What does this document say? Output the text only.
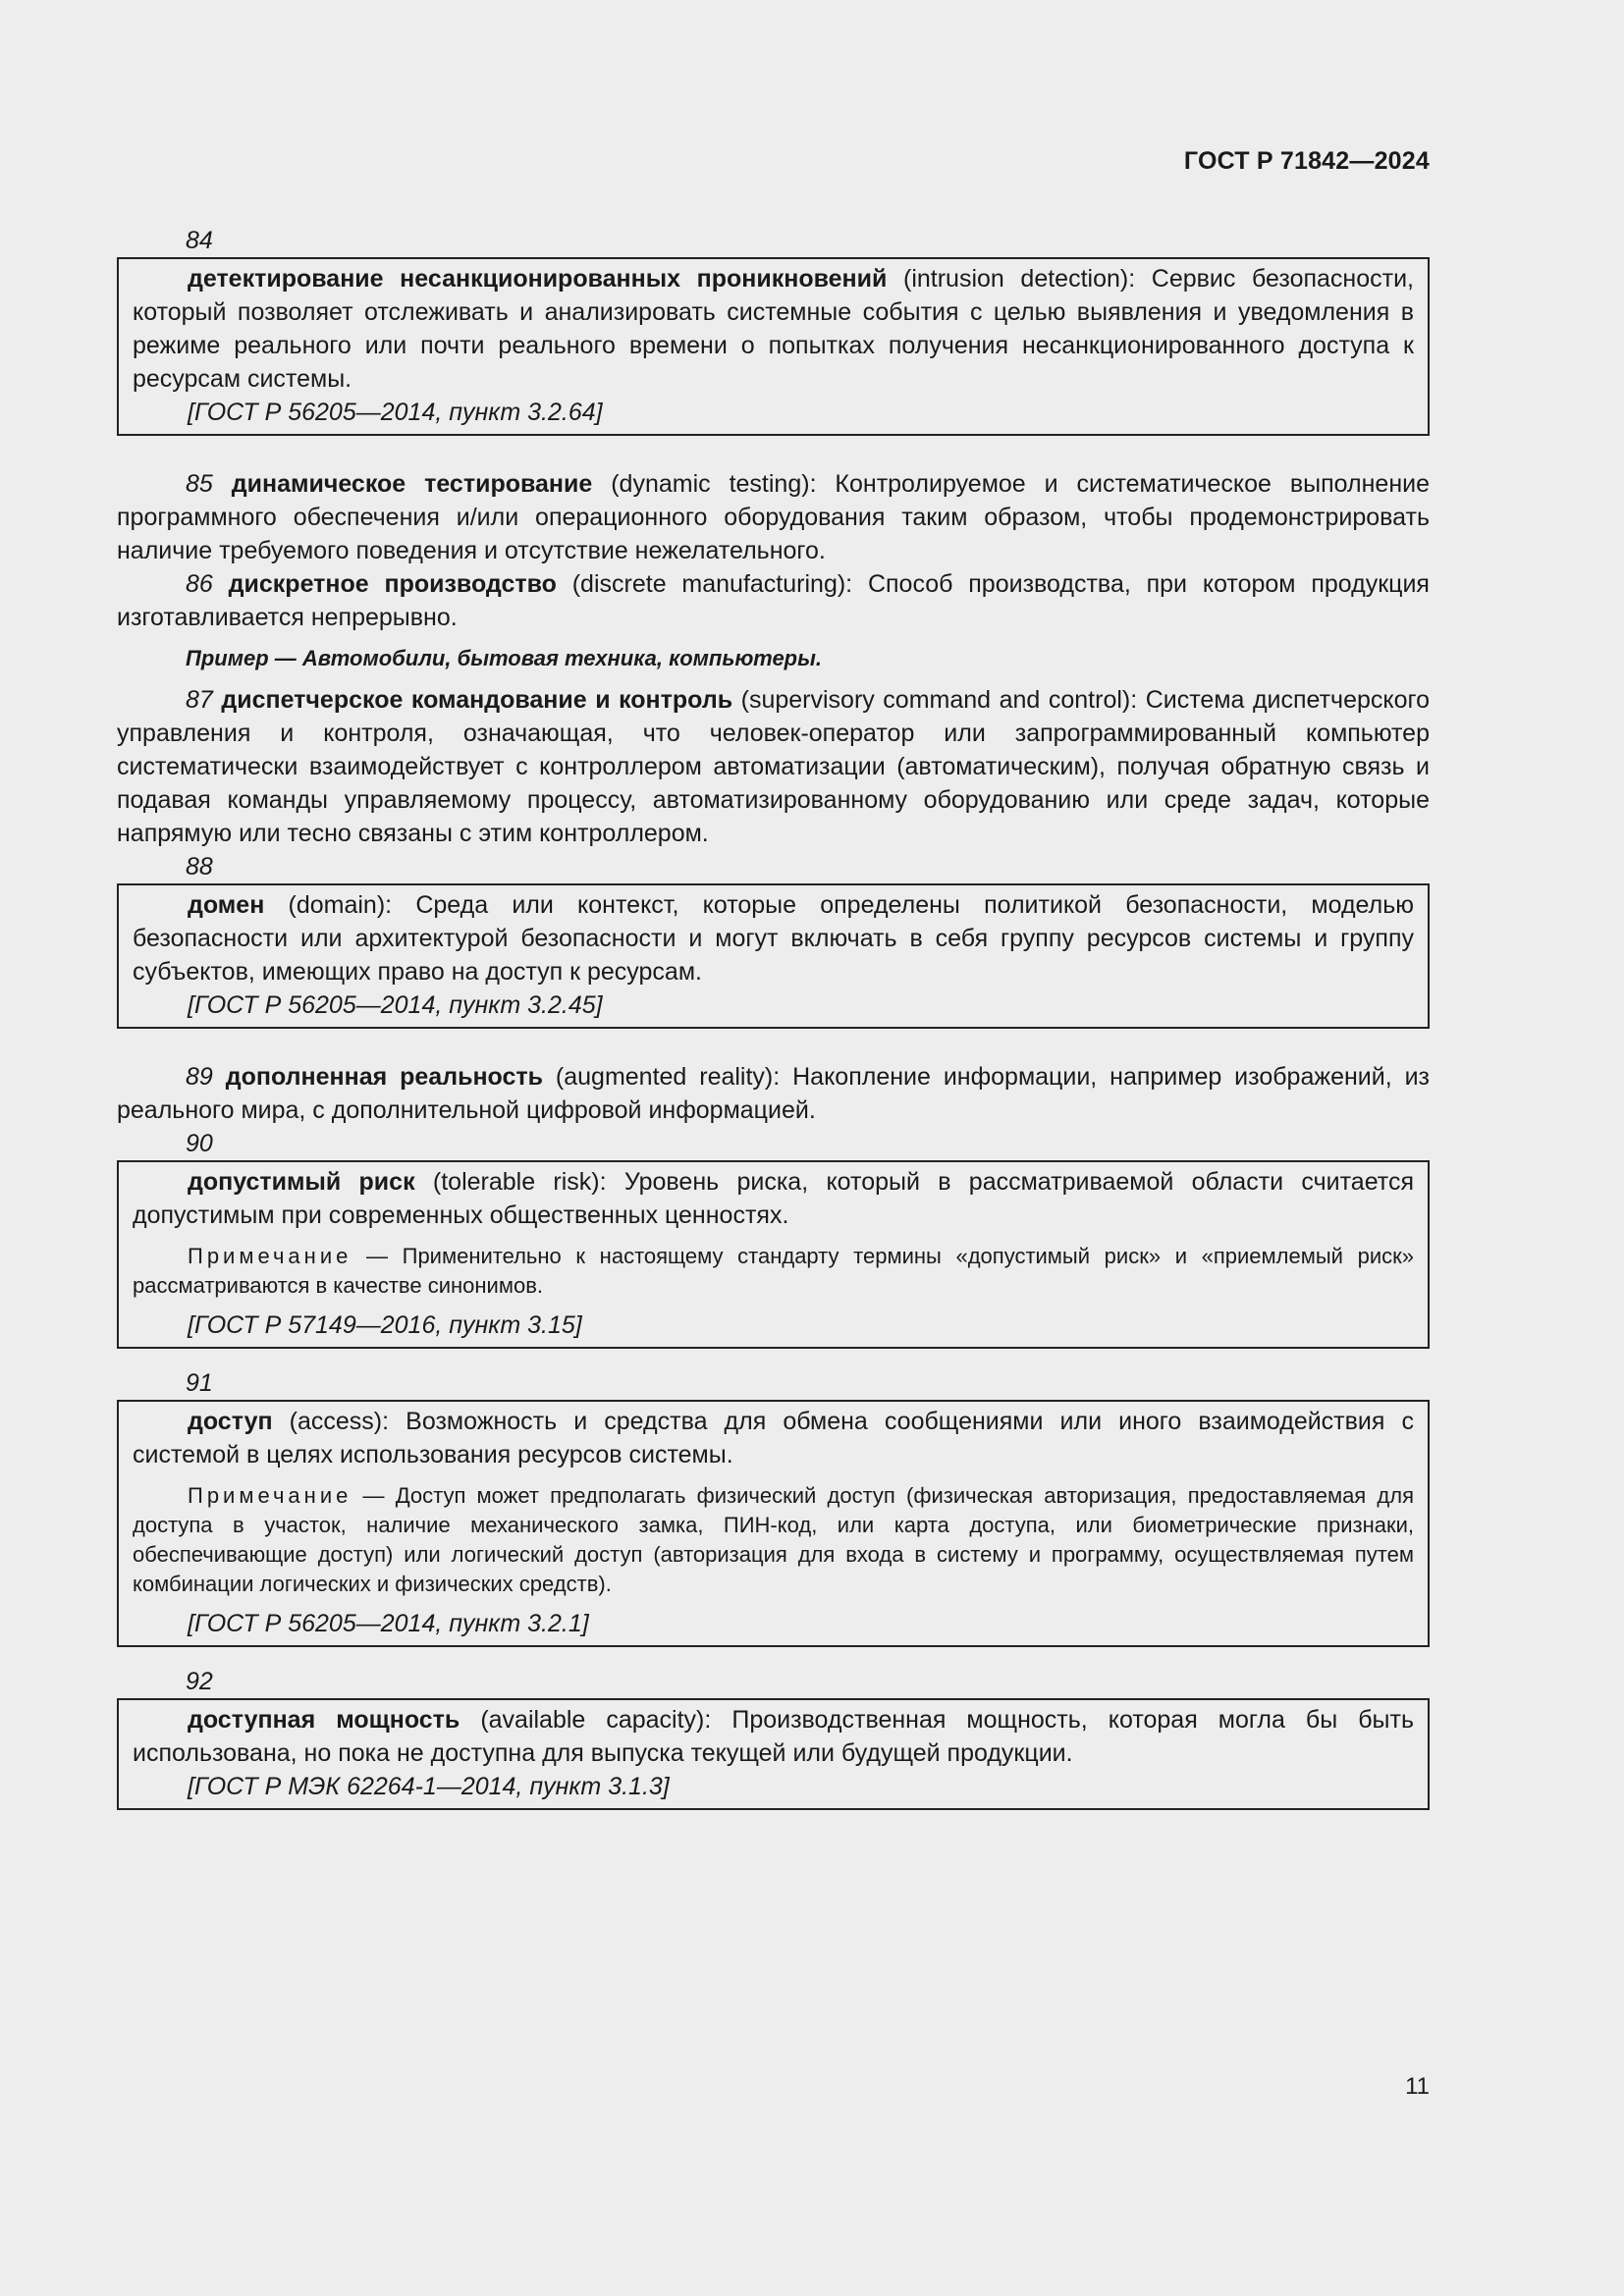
ГОСТ Р 71842—2024
84

детектирование несанкционированных проникновений (intrusion detection): Сервис безопасности, который позволяет отслеживать и анализировать системные события с целью выявления и уведомления в режиме реального или почти реального времени о попытках получения несанкционированного доступа к ресурсам системы.

[ГОСТ Р 56205—2014, пункт 3.2.64]

85 динамическое тестирование (dynamic testing): Контролируемое и систематическое выполнение программного обеспечения и/или операционного оборудования таким образом, чтобы продемонстрировать наличие требуемого поведения и отсутствие нежелательного.

86 дискретное производство (discrete manufacturing): Способ производства, при котором продукция изготавливается непрерывно.

Пример — Автомобили, бытовая техника, компьютеры.

87 диспетчерское командование и контроль (supervisory command and control): Система диспетчерского управления и контроля, означающая, что человек-оператор или запрограммированный компьютер систематически взаимодействует с контроллером автоматизации (автоматическим), получая обратную связь и подавая команды управляемому процессу, автоматизированному оборудованию или среде задач, которые напрямую или тесно связаны с этим контроллером.

88

домен (domain): Среда или контекст, которые определены политикой безопасности, моделью безопасности или архитектурой безопасности и могут включать в себя группу ресурсов системы и группу субъектов, имеющих право на доступ к ресурсам.

[ГОСТ Р 56205—2014, пункт 3.2.45]

89 дополненная реальность (augmented reality): Накопление информации, например изображений, из реального мира, с дополнительной цифровой информацией.

90

допустимый риск (tolerable risk): Уровень риска, который в рассматриваемой области считается допустимым при современных общественных ценностях.

Примечание — Применительно к настоящему стандарту термины «допустимый риск» и «приемлемый риск» рассматриваются в качестве синонимов.

[ГОСТ Р 57149—2016, пункт 3.15]
91

доступ (access): Возможность и средства для обмена сообщениями или иного взаимодействия с системой в целях использования ресурсов системы.

Примечание — Доступ может предполагать физический доступ (физическая авторизация, предоставляемая для доступа в участок, наличие механического замка, ПИН-код, или карта доступа, или биометрические признаки, обеспечивающие доступ) или логический доступ (авторизация для входа в систему и программу, осуществляемая путем комбинации логических и физических средств).

[ГОСТ Р 56205—2014, пункт 3.2.1]
92

доступная мощность (available capacity): Производственная мощность, которая могла бы быть использована, но пока не доступна для выпуска текущей или будущей продукции.

[ГОСТ Р МЭК 62264-1—2014, пункт 3.1.3]
11
